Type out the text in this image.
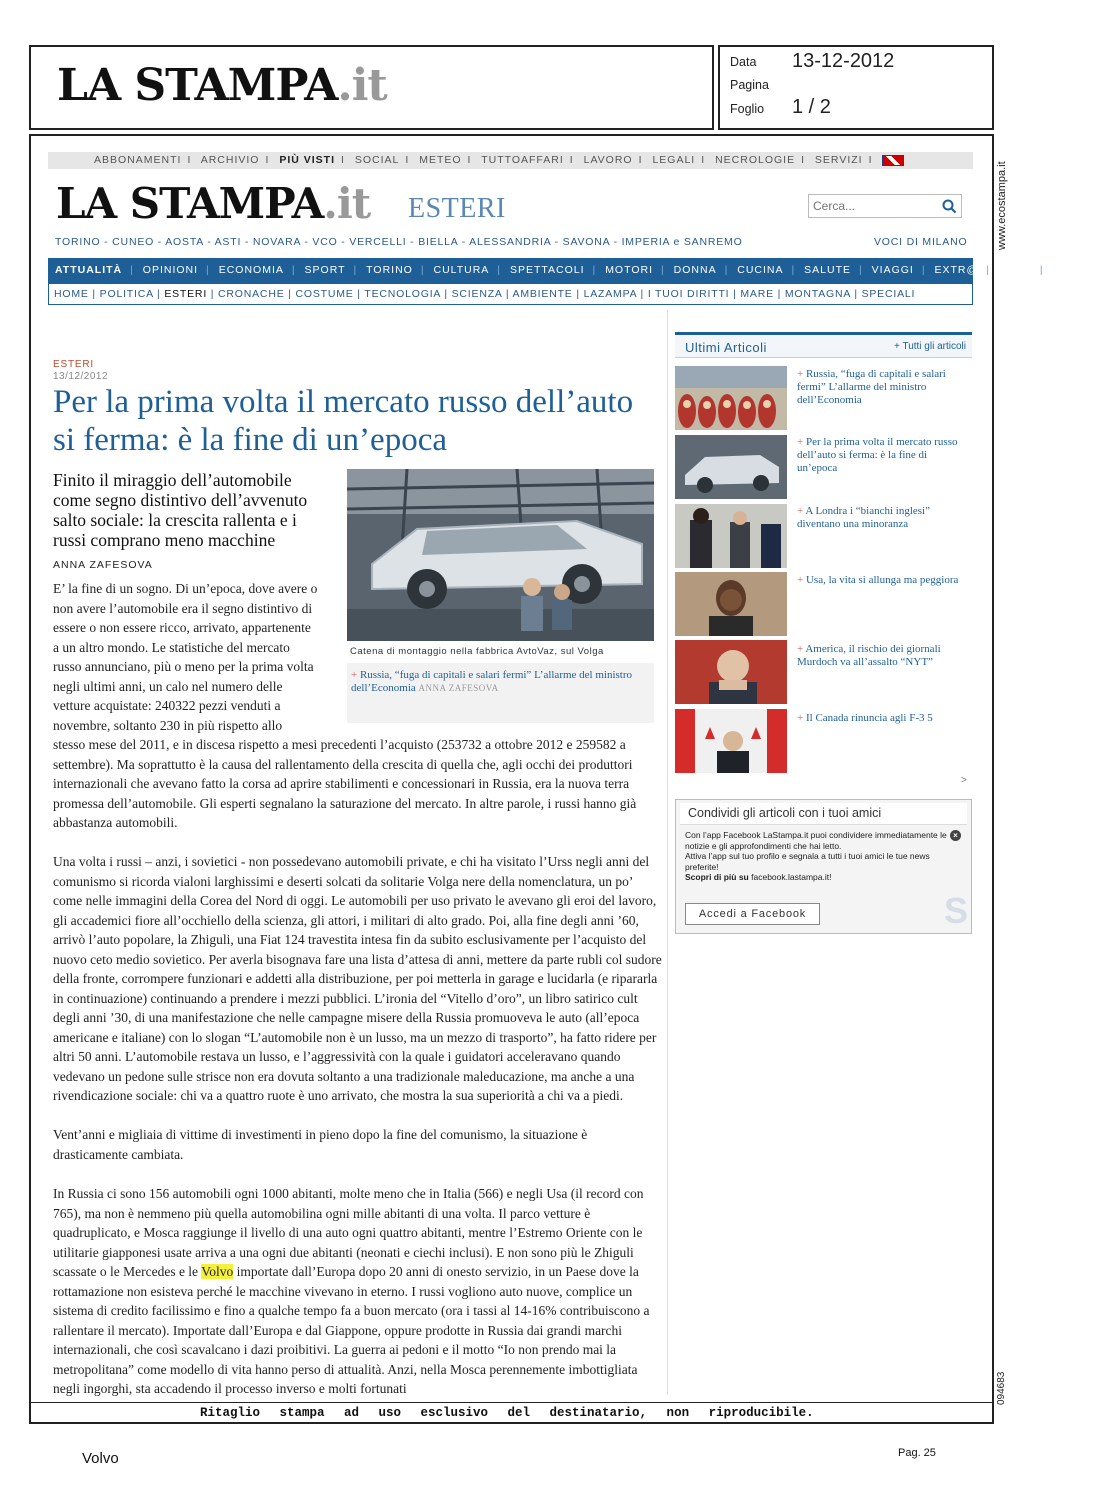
LA STAMPA.it	Data 13-12-2012
Pagina
Foglio 1 / 2
www.ecostampa.it
094683
ABBONAMENTI I ARCHIVIO I PIÙ VISTI I SOCIAL I METEO I TUTTOAFFARI I LAVORO I LEGALI I NECROLOGIE I SERVIZI I
LA STAMPA.it ESTERI
Cerca...
TORINO - CUNEO - AOSTA - ASTI - NOVARA - VCO - VERCELLI - BIELLA - ALESSANDRIA - SAVONA - IMPERIA e SANREMO	VOCI DI MILANO
ATTUALITÀ | OPINIONI | ECONOMIA | SPORT | TORINO | CULTURA | SPETTACOLI | MOTORI | DONNA | CUCINA | SALUTE | VIAGGI | EXTR@ | FOTO | VIDEO
HOME | POLITICA | ESTERI | CRONACHE | COSTUME | TECNOLOGIA | SCIENZA | AMBIENTE | LAZAMPA | I TUOI DIRITTI | MARE | MONTAGNA | SPECIALI
ESTERI
13/12/2012
Per la prima volta il mercato russo dell’auto si ferma: è la fine di un’epoca
Finito il miraggio dell’automobile come segno distintivo dell’avvenuto salto sociale: la crescita rallenta e i russi comprano meno macchine
ANNA ZAFESOVA
Catena di montaggio nella fabbrica AvtoVaz, sul Volga
+ Russia, “fuga di capitali e salari fermi” L’allarme del ministro dell’Economia ANNA ZAFESOVA
E’ la fine di un sogno. Di un’epoca, dove avere o
non avere l’automobile era il segno distintivo di
essere o non essere ricco, arrivato, appartenente
a un altro mondo. Le statistiche del mercato
russo annunciano, più o meno per la prima volta
negli ultimi anni, un calo nel numero delle
vetture acquistate: 240322 pezzi venduti a
novembre, soltanto 230 in più rispetto allo
stesso mese del 2011, e in discesa rispetto a mesi precedenti l’acquisto (253732 a ottobre 2012 e 259582 a settembre). Ma soprattutto è la causa del rallentamento della crescita di quella che, agli occhi dei produttori internazionali che avevano fatto la corsa ad aprire stabilimenti e concessionari in Russia, era la nuova terra promessa dell’automobile. Gli esperti segnalano la saturazione del mercato. In altre parole, i russi hanno già abbastanza automobili.
Una volta i russi – anzi, i sovietici - non possedevano automobili private, e chi ha visitato l’Urss negli anni del comunismo si ricorda vialoni larghissimi e deserti solcati da solitarie Volga nere della nomenclatura, un po’ come nelle immagini della Corea del Nord di oggi. Le automobili per uso privato le avevano gli eroi del lavoro, gli accademici fiore all’occhiello della scienza, gli attori, i militari di alto grado. Poi, alla fine degli anni ’60, arrivò l’auto popolare, la Zhiguli, una Fiat 124 travestita intesa fin da subito esclusivamente per l’acquisto del nuovo ceto medio sovietico. Per averla bisognava fare una lista d’attesa di anni, mettere da parte rubli col sudore della fronte, corrompere funzionari e addetti alla distribuzione, per poi metterla in garage e lucidarla (e ripararla in continuazione) continuando a prendere i mezzi pubblici. L’ironia del “Vitello d’oro”, un libro satirico cult degli anni ’30, di una manifestazione che nelle campagne misere della Russia promuoveva le auto (all’epoca americane e italiane) con lo slogan “L’automobile non è un lusso, ma un mezzo di trasporto”, ha fatto ridere per altri 50 anni. L’automobile restava un lusso, e l’aggressività con la quale i guidatori acceleravano quando vedevano un pedone sulle strisce non era dovuta soltanto a una tradizionale maleducazione, ma anche a una rivendicazione sociale: chi va a quattro ruote è uno arrivato, che mostra la sua superiorità a chi va a piedi.
Vent’anni e migliaia di vittime di investimenti in pieno dopo la fine del comunismo, la situazione è drasticamente cambiata.
In Russia ci sono 156 automobili ogni 1000 abitanti, molte meno che in Italia (566) e negli Usa (il record con 765), ma non è nemmeno più quella automobilina ogni mille abitanti di una volta. Il parco vetture è quadruplicato, e Mosca raggiunge il livello di una auto ogni quattro abitanti, mentre l’Estremo Oriente con le utilitarie giapponesi usate arriva a una ogni due abitanti (neonati e ciechi inclusi). E non sono più le Zhiguli scassate o le Mercedes e le Volvo importate dall’Europa dopo 20 anni di onesto servizio, in un Paese dove la rottamazione non esisteva perché le macchine vivevano in eterno. I russi vogliono auto nuove, complice un sistema di credito facilissimo e fino a qualche tempo fa a buon mercato (ora i tassi al 14-16% contribuiscono a rallentare il mercato). Importate dall’Europa e dal Giappone, oppure prodotte in Russia dai grandi marchi internazionali, che così scavalcano i dazi proibitivi. La guerra ai pedoni e il motto “Io non prendo mai la metropolitana” come modello di vita hanno perso di attualità. Anzi, nella Mosca perennemente imbottigliata negli ingorghi, sta accadendo il processo inverso e molti fortunati
Ultimi Articoli	+ Tutti gli articoli
+ Russia, “fuga di capitali e salari fermi” L’allarme del ministro dell’Economia
+ Per la prima volta il mercato russo dell’auto si ferma: è la fine di un’epoca
+ A Londra i “bianchi inglesi” diventano una minoranza
+ Usa, la vita si allunga ma peggiora
+ America, il rischio dei giornali Murdoch va all’assalto “NYT”
+ Il Canada rinuncia agli F-3 5
>
Condividi gli articoli con i tuoi amici
×
Con l’app Facebook LaStampa.it puoi condividere immediatamente le notizie e gli approfondimenti che hai letto.
Attiva l’app sul tuo profilo e segnala a tutti i tuoi amici le tue news preferite!
Scopri di più su facebook.lastampa.it!
Accedi a Facebook	S
Ritaglio stampa ad uso esclusivo del destinatario, non riproducibile.
Volvo	Pag. 25
